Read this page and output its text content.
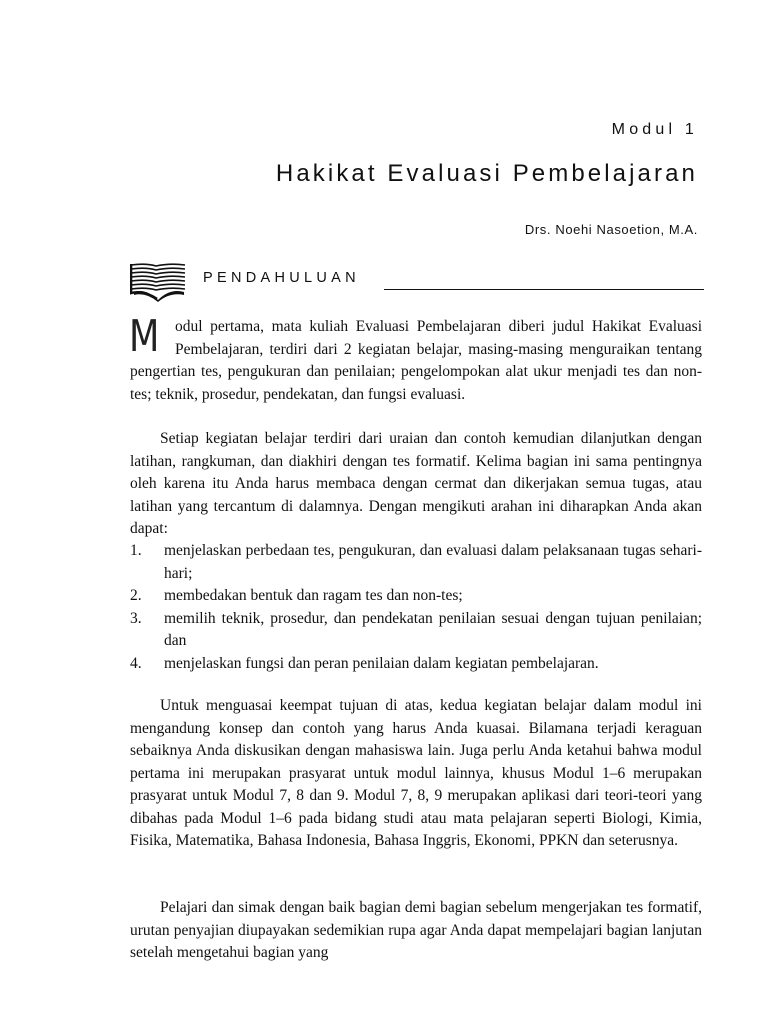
Modul 1
Hakikat Evaluasi Pembelajaran
Drs. Noehi Nasoetion, M.A.
PENDAHULUAN
M odul pertama, mata kuliah Evaluasi Pembelajaran diberi judul Hakikat Evaluasi Pembelajaran, terdiri dari 2 kegiatan belajar, masing-masing menguraikan tentang pengertian tes, pengukuran dan penilaian; pengelompokan alat ukur menjadi tes dan non-tes; teknik, prosedur, pendekatan, dan fungsi evaluasi.
Setiap kegiatan belajar terdiri dari uraian dan contoh kemudian dilanjutkan dengan latihan, rangkuman, dan diakhiri dengan tes formatif. Kelima bagian ini sama pentingnya oleh karena itu Anda harus membaca dengan cermat dan dikerjakan semua tugas, atau latihan yang tercantum di dalamnya. Dengan mengikuti arahan ini diharapkan Anda akan dapat:
1.	menjelaskan perbedaan tes, pengukuran, dan evaluasi dalam pelaksanaan tugas sehari-hari;
2.	membedakan bentuk dan ragam tes dan non-tes;
3.	memilih teknik, prosedur, dan pendekatan penilaian sesuai dengan tujuan penilaian; dan
4.	menjelaskan fungsi dan peran penilaian dalam kegiatan pembelajaran.
Untuk menguasai keempat tujuan di atas, kedua kegiatan belajar dalam modul ini mengandung konsep dan contoh yang harus Anda kuasai. Bilamana terjadi keraguan sebaiknya Anda diskusikan dengan mahasiswa lain. Juga perlu Anda ketahui bahwa modul pertama ini merupakan prasyarat untuk modul lainnya, khusus Modul 1–6 merupakan prasyarat untuk Modul 7, 8 dan 9. Modul 7, 8, 9 merupakan aplikasi dari teori-teori yang dibahas pada Modul 1–6 pada bidang studi atau mata pelajaran seperti Biologi, Kimia, Fisika, Matematika, Bahasa Indonesia, Bahasa Inggris, Ekonomi, PPKN dan seterusnya.
Pelajari dan simak dengan baik bagian demi bagian sebelum mengerjakan tes formatif, urutan penyajian diupayakan sedemikian rupa agar Anda dapat mempelajari bagian lanjutan setelah mengetahui bagian yang
